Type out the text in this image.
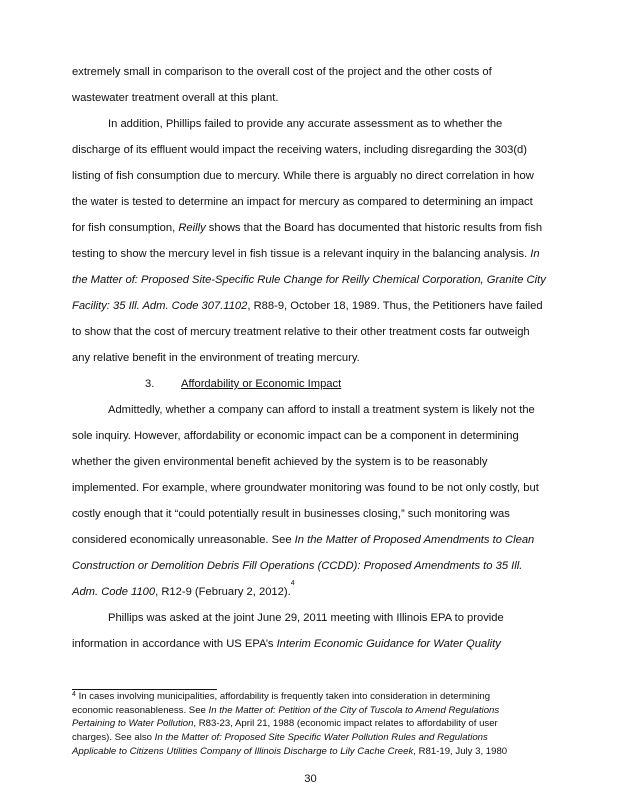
extremely small in comparison to the overall cost of the project and the other costs of
wastewater treatment overall at this plant.
In addition, Phillips failed to provide any accurate assessment as to whether the
discharge of its effluent would impact the receiving waters, including disregarding the 303(d)
listing of fish consumption due to mercury. While there is arguably no direct correlation in how
the water is tested to determine an impact for mercury as compared to determining an impact
for fish consumption, Reilly shows that the Board has documented that historic results from fish
testing to show the mercury level in fish tissue is a relevant inquiry in the balancing analysis. In
the Matter of: Proposed Site-Specific Rule Change for Reilly Chemical Corporation, Granite City
Facility: 35 Ill. Adm. Code 307.1102, R88-9, October 18, 1989. Thus, the Petitioners have failed
to show that the cost of mercury treatment relative to their other treatment costs far outweigh
any relative benefit in the environment of treating mercury.
3. Affordability or Economic Impact
Admittedly, whether a company can afford to install a treatment system is likely not the
sole inquiry. However, affordability or economic impact can be a component in determining
whether the given environmental benefit achieved by the system is to be reasonably
implemented. For example, where groundwater monitoring was found to be not only costly, but
costly enough that it “could potentially result in businesses closing,” such monitoring was
considered economically unreasonable. See In the Matter of Proposed Amendments to Clean
Construction or Demolition Debris Fill Operations (CCDD): Proposed Amendments to 35 Ill.
Adm. Code 1100, R12-9 (February 2, 2012).$^4$
Phillips was asked at the joint June 29, 2011 meeting with Illinois EPA to provide
information in accordance with US EPA’s Interim Economic Guidance for Water Quality
$^4$ In cases involving municipalities, affordability is frequently taken into consideration in determining
economic reasonableness. See In the Matter of: Petition of the City of Tuscola to Amend Regulations
Pertaining to Water Pollution, R83-23, April 21, 1988 (economic impact relates to affordability of user
charges). See also In the Matter of: Proposed Site Specific Water Pollution Rules and Regulations
Applicable to Citizens Utilities Company of Illinois Discharge to Lily Cache Creek, R81-19, July 3, 1980
30
